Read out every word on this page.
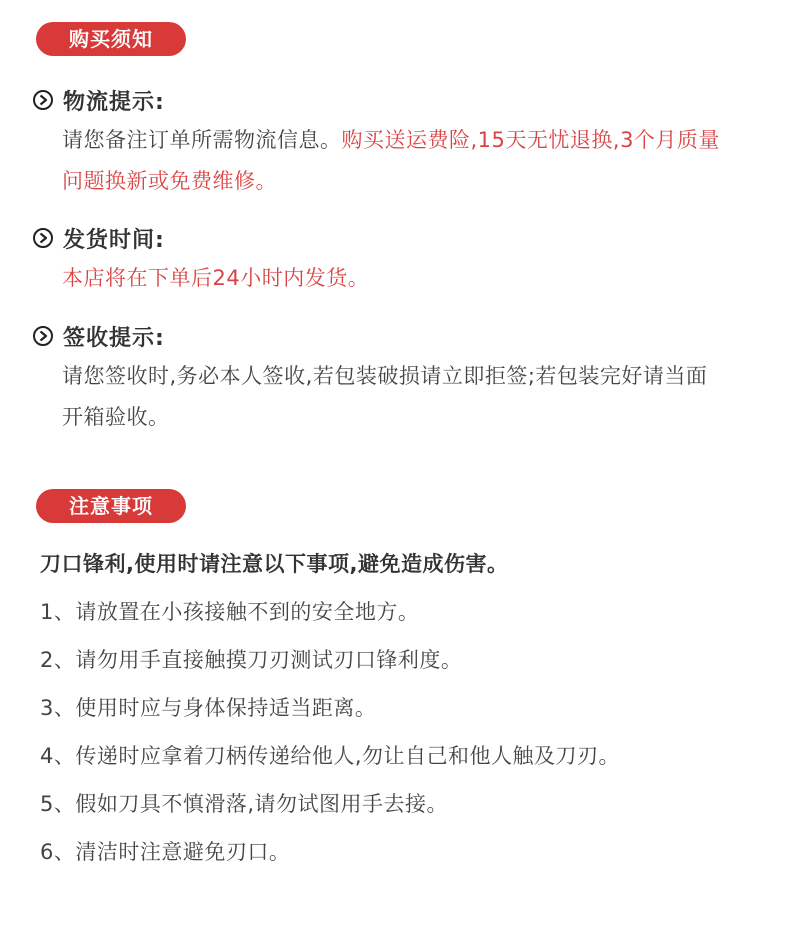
购买须知
物流提示:
请您备注订单所需物流信息。购买送运费险,15天无忧退换,3个月质量问题换新或免费维修。
发货时间:
本店将在下单后24小时内发货。
签收提示:
请您签收时,务必本人签收,若包装破损请立即拒签;若包装完好请当面开箱验收。
注意事项
刀口锋利,使用时请注意以下事项,避免造成伤害。
1、请放置在小孩接触不到的安全地方。
2、请勿用手直接触摸刀刃测试刃口锋利度。
3、使用时应与身体保持适当距离。
4、传递时应拿着刀柄传递给他人,勿让自己和他人触及刀刃。
5、假如刀具不慎滑落,请勿试图用手去接。
6、清洁时注意避免刃口。
